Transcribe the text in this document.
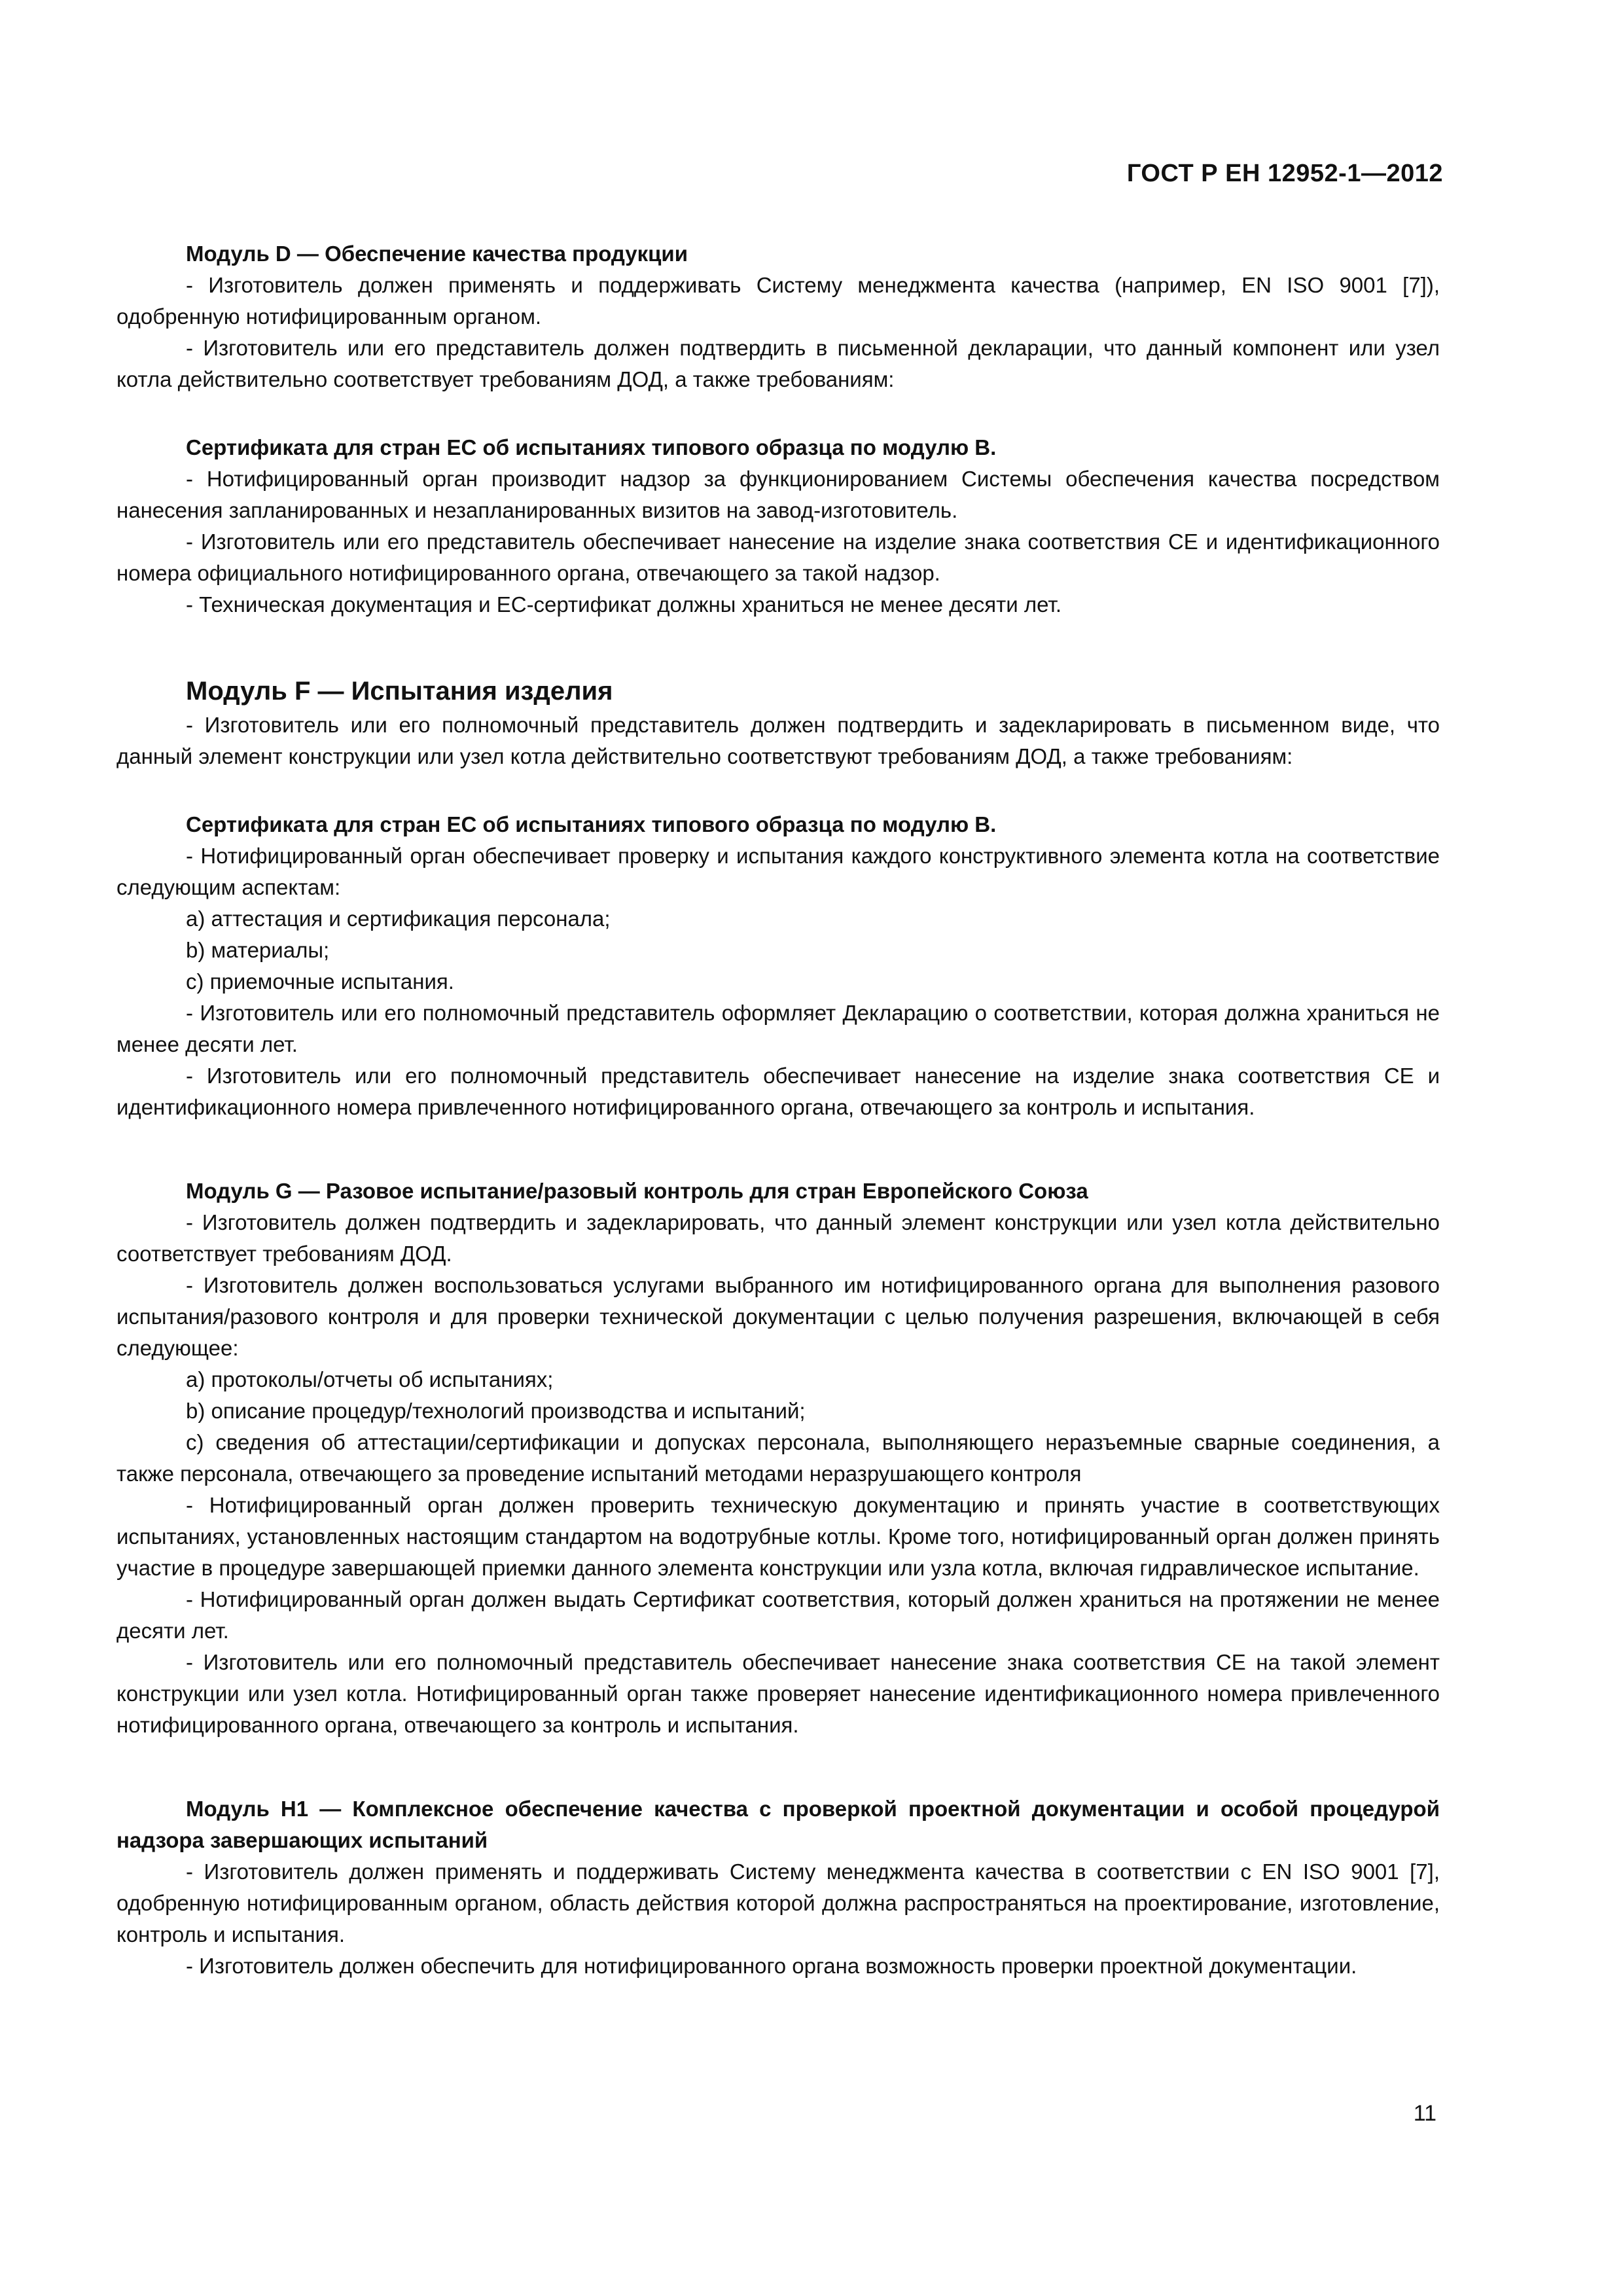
ГОСТ Р ЕН 12952-1—2012

Модуль D — Обеспечение качества продукции

- Изготовитель должен применять и поддерживать Систему менеджмента качества (например, EN ISO 9001 [7]), одобренную нотифицированным органом.

- Изготовитель или его представитель должен подтвердить в письменной декларации, что данный компонент или узел котла действительно соответствует требованиям ДОД, а также требованиям:

Сертификата для стран ЕС об испытаниях типового образца по модулю В.

- Нотифицированный орган производит надзор за функционированием Системы обеспечения качества посредством нанесения запланированных и незапланированных визитов на завод-изготовитель.

- Изготовитель или его представитель обеспечивает нанесение на изделие знака соответствия CE и идентификационного номера официального нотифицированного органа, отвечающего за такой надзор.

- Техническая документация и ЕС-сертификат должны храниться не менее десяти лет.

Модуль F — Испытания изделия

- Изготовитель или его полномочный представитель должен подтвердить и задекларировать в письменном виде, что данный элемент конструкции или узел котла действительно соответствуют требованиям ДОД, а также требованиям:

Сертификата для стран ЕС об испытаниях типового образца по модулю В.

- Нотифицированный орган обеспечивает проверку и испытания каждого конструктивного элемента котла на соответствие следующим аспектам:

а) аттестация и сертификация персонала;

b) материалы;

с) приемочные испытания.

- Изготовитель или его полномочный представитель оформляет Декларацию о соответствии, которая должна храниться не менее десяти лет.

- Изготовитель или его полномочный представитель обеспечивает нанесение на изделие знака соответствия CE и идентификационного номера привлеченного нотифицированного органа, отвечающего за контроль и испытания.

Модуль G — Разовое испытание/разовый контроль для стран Европейского Союза

- Изготовитель должен подтвердить и задекларировать, что данный элемент конструкции или узел котла действительно соответствует требованиям ДОД.

- Изготовитель должен воспользоваться услугами выбранного им нотифицированного органа для выполнения разового испытания/разового контроля и для проверки технической документации с целью получения разрешения, включающей в себя следующее:

а) протоколы/отчеты об испытаниях;

b) описание процедур/технологий производства и испытаний;

с) сведения об аттестации/сертификации и допусках персонала, выполняющего неразъемные сварные соединения, а также персонала, отвечающего за проведение испытаний методами неразрушающего контроля

- Нотифицированный орган должен проверить техническую документацию и принять участие в соответствующих испытаниях, установленных настоящим стандартом на водотрубные котлы. Кроме того, нотифицированный орган должен принять участие в процедуре завершающей приемки данного элемента конструкции или узла котла, включая гидравлическое испытание.

- Нотифицированный орган должен выдать Сертификат соответствия, который должен храниться на протяжении не менее десяти лет.

- Изготовитель или его полномочный представитель обеспечивает нанесение знака соответствия CE на такой элемент конструкции или узел котла. Нотифицированный орган также проверяет нанесение идентификационного номера привлеченного нотифицированного органа, отвечающего за контроль и испытания.

Модуль Н1 — Комплексное обеспечение качества с проверкой проектной документации и особой процедурой надзора завершающих испытаний

- Изготовитель должен применять и поддерживать Систему менеджмента качества в соответствии с EN ISO 9001 [7], одобренную нотифицированным органом, область действия которой должна распространяться на проектирование, изготовление, контроль и испытания.

- Изготовитель должен обеспечить для нотифицированного органа возможность проверки проектной документации.

11
